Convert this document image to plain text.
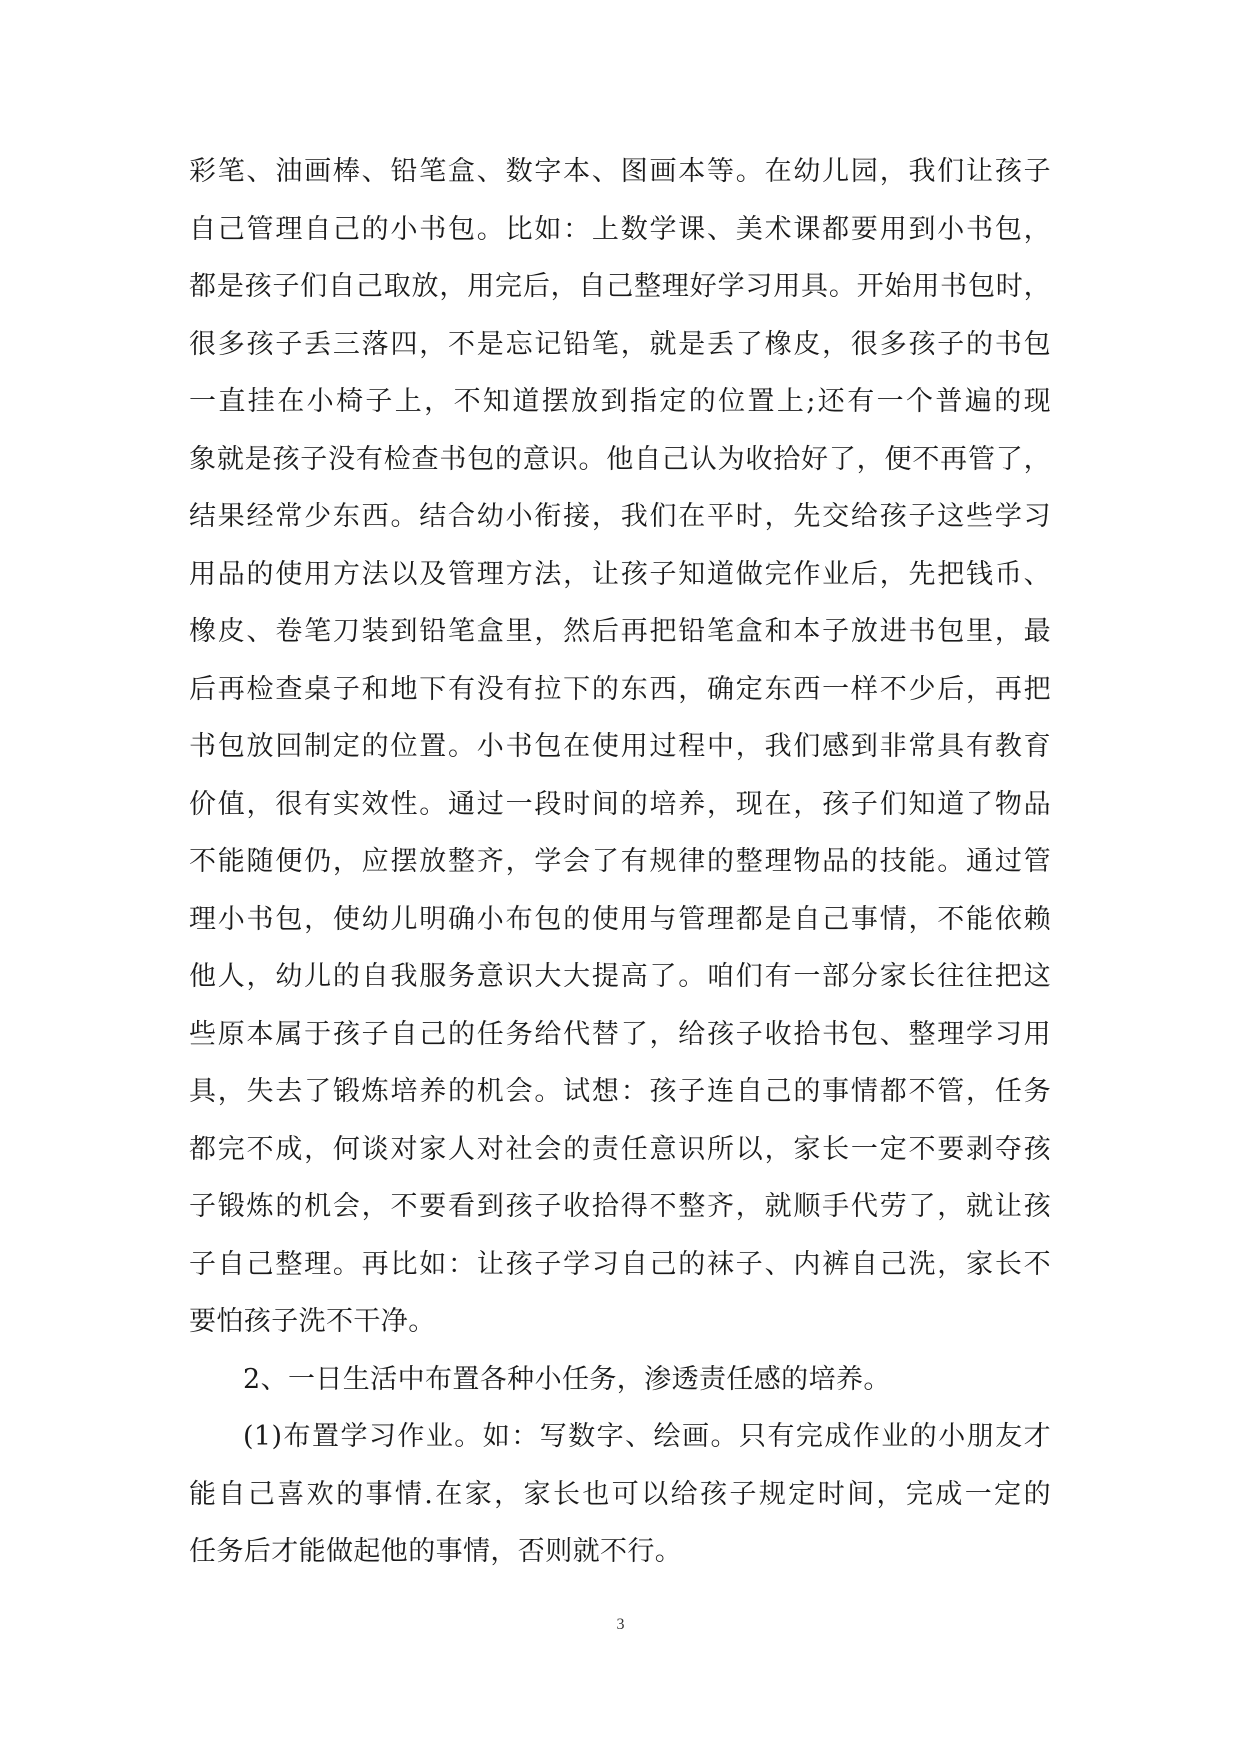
彩笔、油画棒、铅笔盒、数字本、图画本等。在幼儿园，我们让孩子
自己管理自己的小书包。比如：上数学课、美术课都要用到小书包，
都是孩子们自己取放，用完后，自己整理好学习用具。开始用书包时，
很多孩子丢三落四，不是忘记铅笔，就是丢了橡皮，很多孩子的书包
一直挂在小椅子上，不知道摆放到指定的位置上;还有一个普遍的现
象就是孩子没有检查书包的意识。他自己认为收拾好了，便不再管了，
结果经常少东西。结合幼小衔接，我们在平时，先交给孩子这些学习
用品的使用方法以及管理方法，让孩子知道做完作业后，先把钱币、
橡皮、卷笔刀装到铅笔盒里，然后再把铅笔盒和本子放进书包里，最
后再检查桌子和地下有没有拉下的东西，确定东西一样不少后，再把
书包放回制定的位置。小书包在使用过程中，我们感到非常具有教育
价值，很有实效性。通过一段时间的培养，现在，孩子们知道了物品
不能随便仍，应摆放整齐，学会了有规律的整理物品的技能。通过管
理小书包，使幼儿明确小布包的使用与管理都是自己事情，不能依赖
他人，幼儿的自我服务意识大大提高了。咱们有一部分家长往往把这
些原本属于孩子自己的任务给代替了，给孩子收拾书包、整理学习用
具，失去了锻炼培养的机会。试想：孩子连自己的事情都不管，任务
都完不成，何谈对家人对社会的责任意识所以，家长一定不要剥夺孩
子锻炼的机会，不要看到孩子收拾得不整齐，就顺手代劳了，就让孩
子自己整理。再比如：让孩子学习自己的袜子、内裤自己洗，家长不
要怕孩子洗不干净。
2、一日生活中布置各种小任务，渗透责任感的培养。
(1)布置学习作业。如：写数字、绘画。只有完成作业的小朋友才
能自己喜欢的事情.在家，家长也可以给孩子规定时间，完成一定的
任务后才能做起他的事情，否则就不行。
3
